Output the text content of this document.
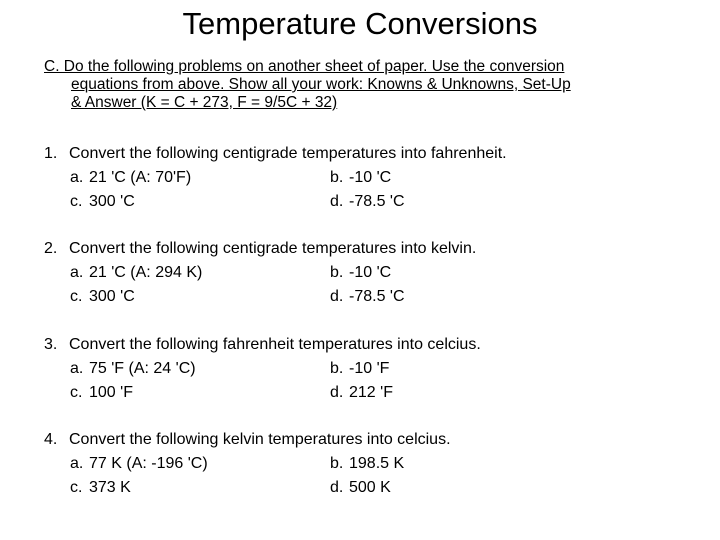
Temperature Conversions
C. Do the following problems on another sheet of paper. Use the conversion
equations from above. Show all your work: Knowns & Unknowns, Set-Up
& Answer (K = C + 273, F = 9/5C + 32)
1. Convert the following centigrade temperatures into fahrenheit.
a. 21 'C (A: 70'F)	b. -10 'C
c. 300 'C	d. -78.5 'C
2. Convert the following centigrade temperatures into kelvin.
a. 21 'C (A: 294 K)	b. -10 'C
c. 300 'C	d. -78.5 'C
3. Convert the following fahrenheit temperatures into celcius.
a. 75 'F (A: 24 'C)	b. -10 'F
c. 100 'F	d. 212 'F
4. Convert the following kelvin temperatures into celcius.
a. 77 K (A: -196 'C)	b. 198.5 K
c. 373 K	d. 500 K
